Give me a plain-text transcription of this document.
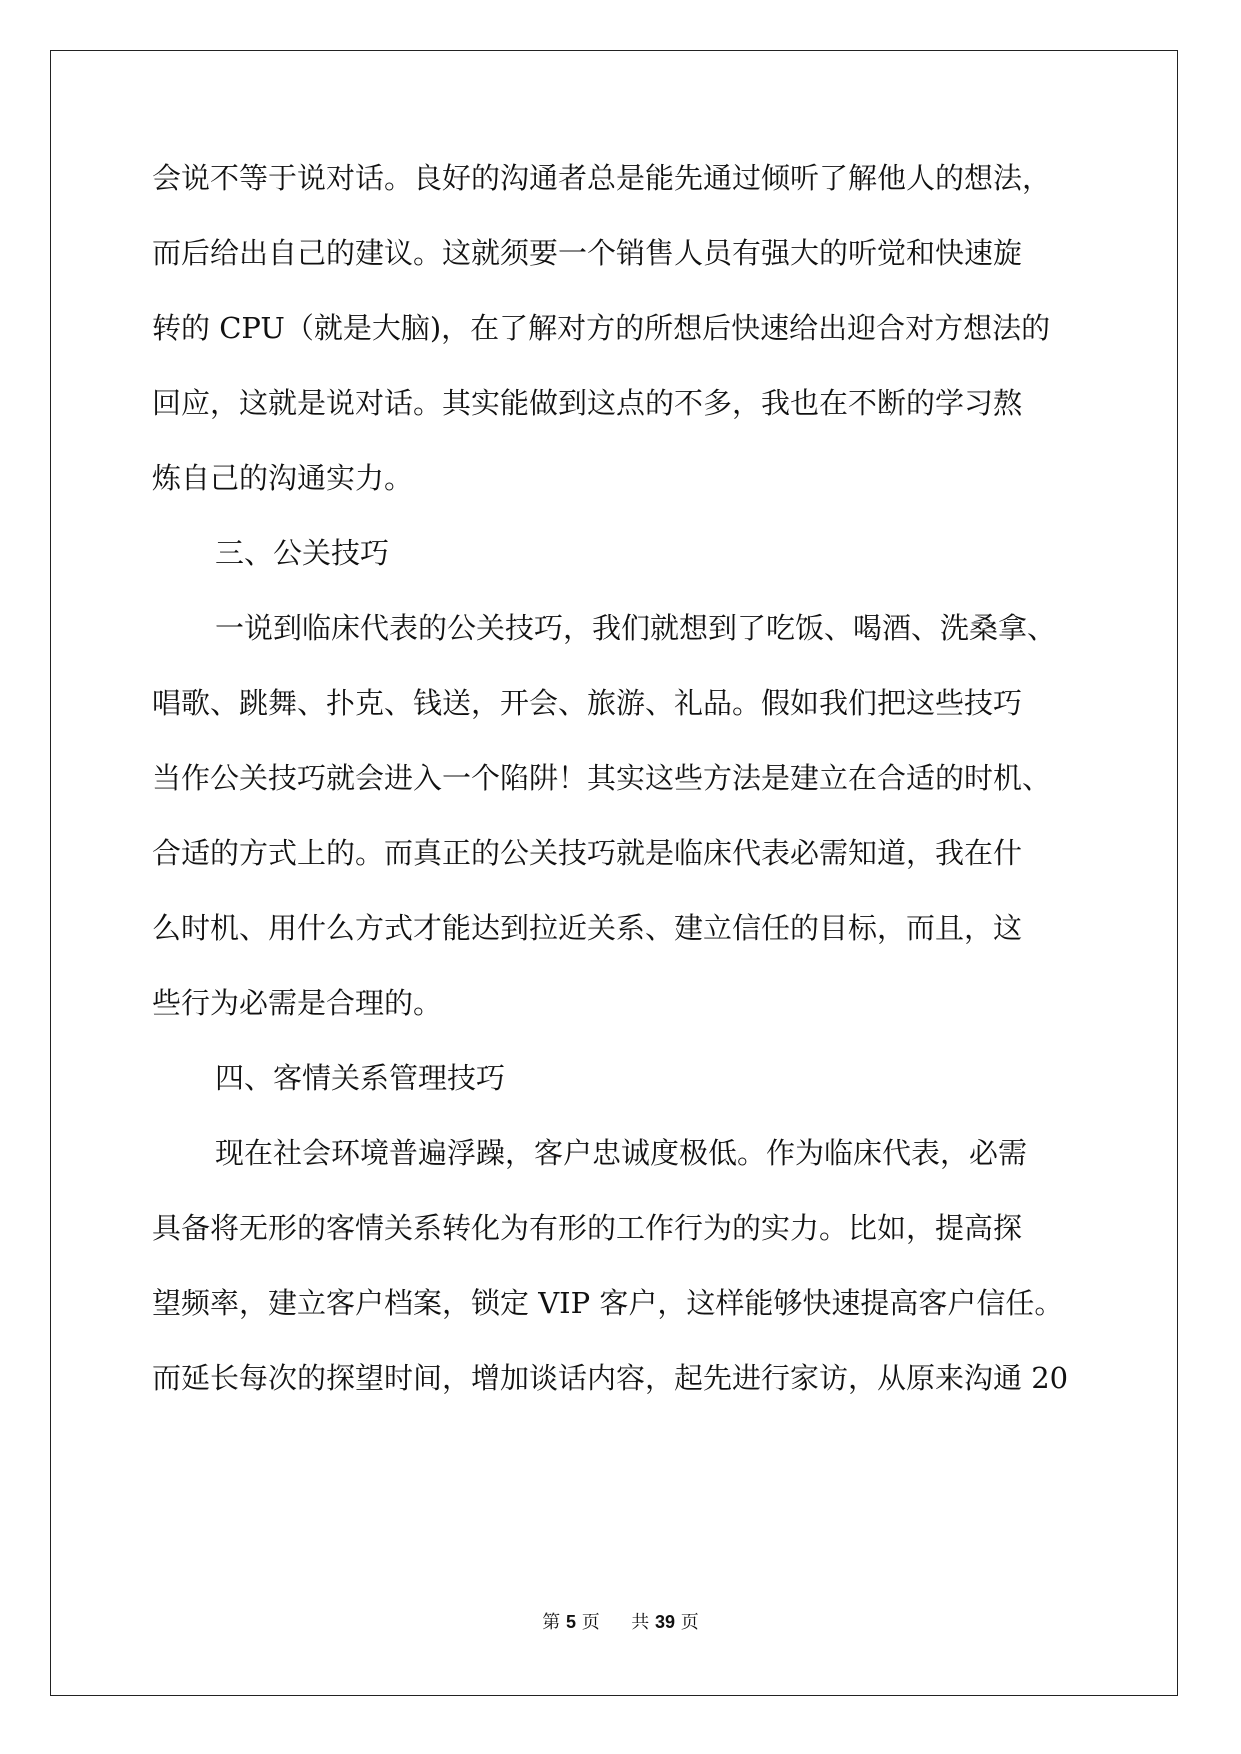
会说不等于说对话。良好的沟通者总是能先通过倾听了解他人的想法，
而后给出自己的建议。这就须要一个销售人员有强大的听觉和快速旋
转的 CPU（就是大脑)，在了解对方的所想后快速给出迎合对方想法的
回应，这就是说对话。其实能做到这点的不多，我也在不断的学习熬
炼自己的沟通实力。
三、公关技巧
一说到临床代表的公关技巧，我们就想到了吃饭、喝酒、洗桑拿、
唱歌、跳舞、扑克、钱送，开会、旅游、礼品。假如我们把这些技巧
当作公关技巧就会进入一个陷阱！其实这些方法是建立在合适的时机、
合适的方式上的。而真正的公关技巧就是临床代表必需知道，我在什
么时机、用什么方式才能达到拉近关系、建立信任的目标，而且，这
些行为必需是合理的。
四、客情关系管理技巧
现在社会环境普遍浮躁，客户忠诚度极低。作为临床代表，必需
具备将无形的客情关系转化为有形的工作行为的实力。比如，提高探
望频率，建立客户档案，锁定 VIP 客户，这样能够快速提高客户信任。
而延长每次的探望时间，增加谈话内容，起先进行家访，从原来沟通 20
第 5 页 共 39 页
